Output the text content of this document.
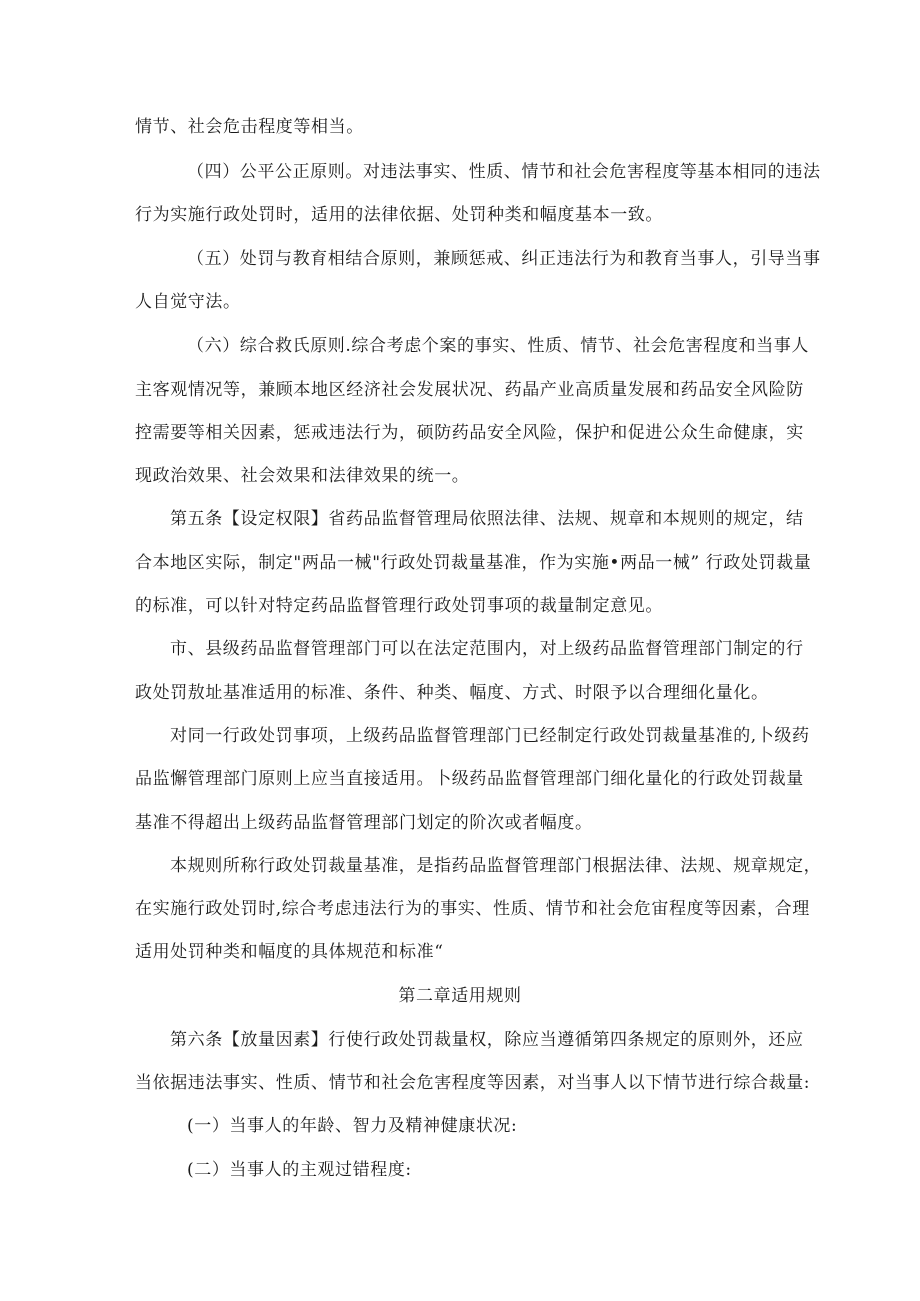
情节、社会危击程度等相当。
（四）公平公正原则。对违法事实、性质、情节和社会危害程度等基本相同的违法
行为实施行政处罚时，适用的法律依据、处罚种类和幅度基本一致。
（五）处罚与教育相结合原则，兼顾惩戒、纠正违法行为和教育当事人，引导当事
人自觉守法。
（六）综合救氏原则.综合考虑个案的事实、性质、情节、社会危害程度和当事人
主客观情况等，兼顾本地区经济社会发展状况、药晶产业高质量发展和药品安全风险防
控需要等相关因素，惩戒违法行为，硕防药品安全风险，保护和促进公众生命健康，实
现政治效果、社会效果和法律效果的统一。
第五条【设定权限】省药品监督管理局依照法律、法规、规章和本规则的规定，结
合本地区实际，制定"两品一械"行政处罚裁量基准，作为实施•两品一械” 行政处罚裁量
的标准，可以针对特定药品监督管理行政处罚事项的裁量制定意见。
市、县级药品监督管理部门可以在法定范围内，对上级药品监督管理部门制定的行
政处罚敖址基准适用的标准、条件、种类、幅度、方式、时限予以合理细化量化。
对同一行政处罚事项，上级药品监督管理部门已经制定行政处罚裁量基准的,卜级药
品监懈管理部门原则上应当直接适用。卜级药品监督管理部门细化量化的行政处罚裁量
基准不得超出上级药品监督管理部门划定的阶次或者幅度。
本规则所称行政处罚裁量基准，是指药品监督管理部门根据法律、法规、规章规定，
在实施行政处罚时,综合考虑违法行为的事实、性质、情节和社会危宙程度等因素，合理
适用处罚种类和幅度的具体规范和标准“
第二章适用规则
第六条【放量因素】行使行政处罚裁量权，除应当遵循第四条规定的原则外，还应
当依据违法事实、性质、情节和社会危害程度等因素，对当事人以下情节进行综合裁量:
(一）当事人的年龄、智力及精神健康状况:
(二）当事人的主观过错程度:
